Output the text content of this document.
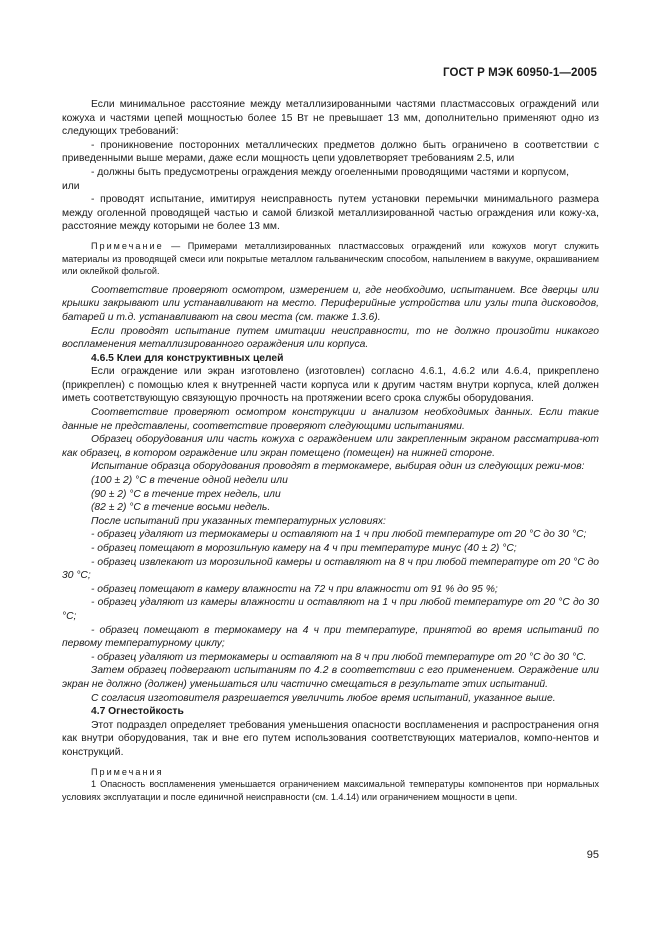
ГОСТ Р МЭК 60950-1—2005

Если минимальное расстояние между металлизированными частями пластмассовых ограждений или кожуха и частями цепей мощностью более 15 Вт не превышает 13 мм, дополнительно применяют одно из следующих требований:

- проникновение посторонних металлических предметов должно быть ограничено в соответствии с приведенными выше мерами, даже если мощность цепи удовлетворяет требованиям 2.5, или

- должны быть предусмотрены ограждения между огоеленными проводящими частями и корпусом,

или

- проводят испытание, имитируя неисправность путем установки перемычки минимального размера между оголенной проводящей частью и самой близкой металлизированной частью ограждения или кожу-ха, расстояние между которыми не более 13 мм.

Примечание — Примерами металлизированных пластмассовых ограждений или кожухов могут служить материалы из проводящей смеси или покрытые металлом гальваническим способом, напылением в вакууме, окрашиванием или оклейкой фольгой.

Соответствие проверяют осмотром, измерением и, где необходимо, испытанием. Все дверцы или крышки закрывают или устанавливают на место. Периферийные устройства или узлы типа дисководов, батарей и т.д. устанавливают на свои места (см. также 1.3.6).

Если проводят испытание путем имитации неисправности, то не должно произойти никакого воспламенения металлизированного ограждения или корпуса.

4.6.5 Клеи для конструктивных целей

Если ограждение или экран изготовлено (изготовлен) согласно 4.6.1, 4.6.2 или 4.6.4, прикреплено (прикреплен) с помощью клея к внутренней части корпуса или к другим частям внутри корпуса, клей должен иметь соответствующую связующую прочность на протяжении всего срока службы оборудования.

Соответствие проверяют осмотром конструкции и анализом необходимых данных. Если такие данные не представлены, соответствие проверяют следующими испытаниями.

Образец оборудования или часть кожуха с ограждением или закрепленным экраном рассматрива-ют как образец, в котором ограждение или экран помещено (помещен) на нижней стороне.

Испытание образца оборудования проводят в термокамере, выбирая один из следующих режи-мов:

(100 ± 2) °С в течение одной недели или

(90 ± 2) °С в течение трех недель, или

(82 ± 2) °С в течение восьми недель.

После испытаний при указанных температурных условиях:

- образец удаляют из термокамеры и оставляют на 1 ч при любой температуре от 20 °С до 30 °С;

- образец помещают в морозильную камеру на 4 ч при температуре минус (40 ± 2) °С;

- образец извлекают из морозильной камеры и оставляют на 8 ч при любой температуре от 20 °С до 30 °С;

- образец помещают в камеру влажности на 72 ч при влажности от 91 % до 95 %;

- образец удаляют из камеры влажности и оставляют на 1 ч при любой температуре от 20 °С до 30 °С;

- образец помещают в термокамеру на 4 ч при температуре, принятой во время испытаний по первому температурному циклу;

- образец удаляют из термокамеры и оставляют на 8 ч при любой температуре от 20 °С до 30 °С.

Затем образец подвергают испытаниям по 4.2 в соответствии с его применением. Ограждение или экран не должно (должен) уменьшаться или частично смещаться в результате этих испытаний.

С согласия изготовителя разрешается увеличить любое время испытаний, указанное выше.

4.7 Огнестойкость

Этот подраздел определяет требования уменьшения опасности воспламенения и распространения огня как внутри оборудования, так и вне его путем использования соответствующих материалов, компо-нентов и конструкций.

Примечания

1 Опасность воспламенения уменьшается ограничением максимальной температуры компонентов при нормальных условиях эксплуатации и после единичной неисправности (см. 1.4.14) или ограничением мощности в цепи.

95
